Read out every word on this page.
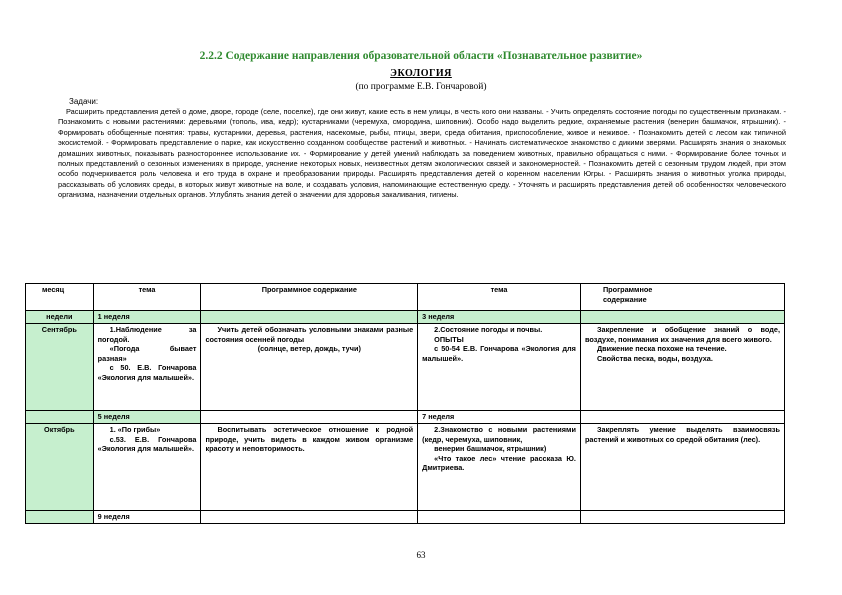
2.2.2 Содержание направления образовательной области «Познавательное развитие»
ЭКОЛОГИЯ
(по программе Е.В. Гончаровой)
Задачи:
Расширить представления детей о доме, дворе, городе (селе, поселке), где они живут, какие есть в нем улицы, в честь кого они названы. - Учить определять состояние погоды по существенным признакам. - Познакомить с новыми растениями: деревьями (тополь, ива, кедр); кустарниками (черемуха, смородина, шиповник). Особо надо выделить редкие, охраняемые растения (венерин башмачок, ятрышник). - Формировать обобщенные понятия: травы, кустарники, деревья, растения, насекомые, рыбы, птицы, звери, среда обитания, приспособление, живое и неживое. - Познакомить детей с лесом как типичной экосистемой. - Формировать представление о парке, как искусственно созданном сообществе растений и животных. - Начинать систематическое знакомство с дикими зверями. Расширять знания о знакомых домашних животных, показывать разностороннее использование их. - Формирование у детей умений наблюдать за поведением животных, правильно обращаться с ними. - Формирование более точных и полных представлений о сезонных изменениях в природе, уяснение некоторых новых, неизвестных детям экологических связей и закономерностей. - Познакомить детей с сезонным трудом людей, при этом особо подчеркивается роль человека и его труда в охране и преобразовании природы. Расширять представления детей о коренном населении Югры. - Расширять знания о животных уголка природы, рассказывать об условиях среды, в которых живут животные на воле, и создавать условия, напоминающие естественную среду. - Уточнять и расширять представления детей об особенностях человеческого организма, назначении отдельных органов. Углублять знания детей о значении для здоровья закаливания, гигиены.
месяц	тема	Программное содержание	тема	Программное
содержание

недели	1 неделя		3 неделя	
Сентябрь	1.Наблюдение за погодой.
«Погода бывает разная»
с 50. Е.В. Гончарова «Экология для малышей».	Учить детей обозначать условными знаками разные состояния осенней погоды
(солнце, ветер, дождь, тучи)	2.Состояние погоды и почвы.
ОПЫТЫ
с 50-54 Е.В. Гончарова «Экология для малышей».	Закрепление и обобщение знаний о воде, воздухе, понимания их значения для всего живого.
Движение песка похоже на течение.
Свойства песка, воды, воздуха.

	5 неделя		7 неделя	
Октябрь	1. «По грибы»
с.53. Е.В. Гончарова «Экология для малышей».	Воспитывать эстетическое отношение к родной природе, учить видеть в каждом живом организме красоту и неповторимость.	2.Знакомство с новыми растениями (кедр, черемуха, шиповник,
венерин башмачок, ятрышник)
«Что такое лес» чтение рассказа Ю. Дмитриева.	Закреплять умение выделять взаимосвязь растений и животных со средой обитания (лес).

	9 неделя			
63
